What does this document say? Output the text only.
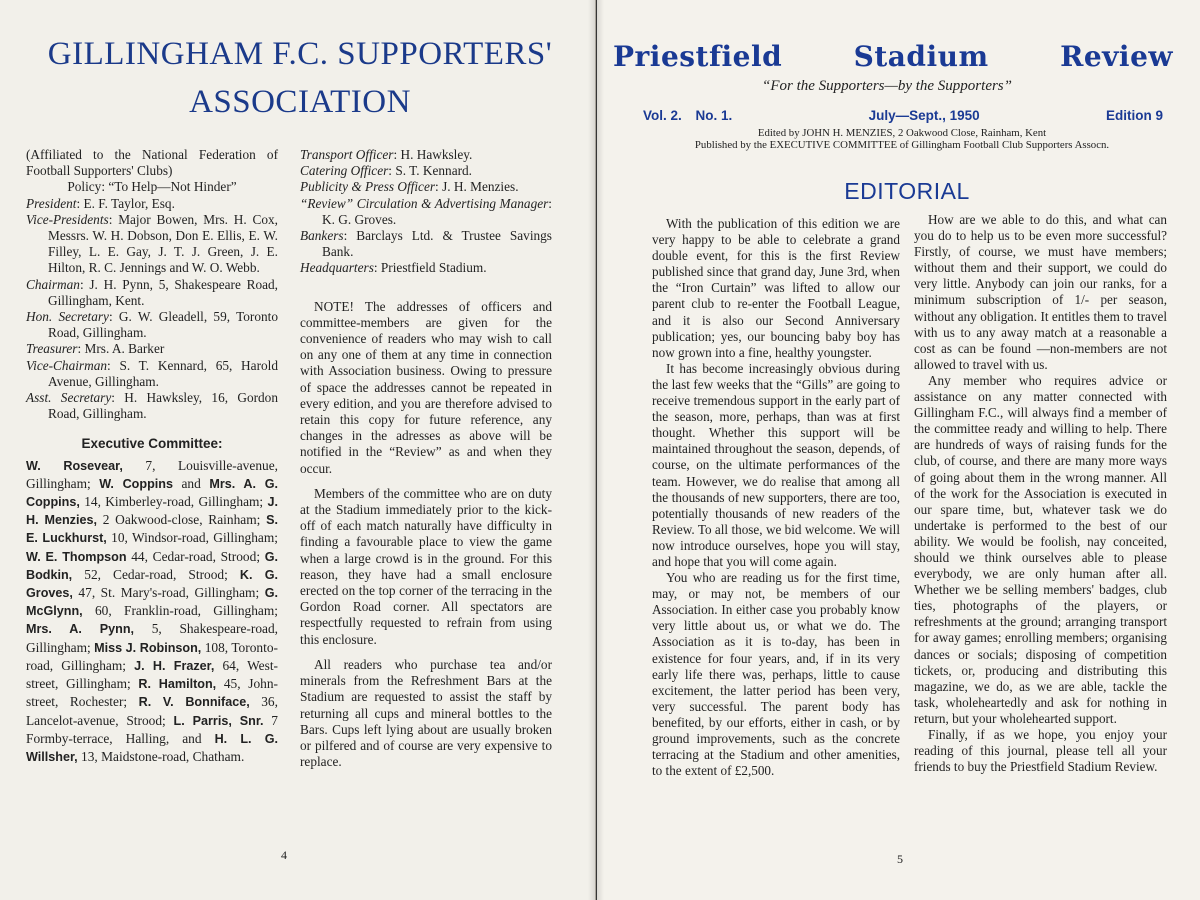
GILLINGHAM F.C. SUPPORTERS'
ASSOCIATION
(Affiliated to the National Federation of Football Supporters' Clubs)
Policy: “To Help—Not Hinder”
President: E. F. Taylor, Esq.
Vice-Presidents: Major Bowen, Mrs. H. Cox, Messrs. W. H. Dobson, Don E. Ellis, E. W. Filley, L. E. Gay, J. T. J. Green, J. E. Hilton, R. C. Jennings and W. O. Webb.
Chairman: J. H. Pynn, 5, Shakespeare Road, Gillingham, Kent.
Hon. Secretary: G. W. Gleadell, 59, Toronto Road, Gillingham.
Treasurer: Mrs. A. Barker
Vice-Chairman: S. T. Kennard, 65, Harold Avenue, Gillingham.
Asst. Secretary: H. Hawksley, 16, Gordon Road, Gillingham.
Executive Committee:
W. Rosevear, 7, Louisville-avenue, Gillingham; W. Coppins and Mrs. A. G. Coppins, 14, Kimberley-road, Gillingham; J. H. Menzies, 2 Oakwood-close, Rainham; S. E. Luckhurst, 10, Windsor-road, Gillingham; W. E. Thompson 44, Cedar-road, Strood; G. Bodkin, 52, Cedar-road, Strood; K. G. Groves, 47, St. Mary's-road, Gillingham; G. McGlynn, 60, Franklin-road, Gillingham; Mrs. A. Pynn, 5, Shakespeare-road, Gillingham; Miss J. Robinson, 108, Toronto-road, Gillingham; J. H. Frazer, 64, West-street, Gillingham; R. Hamilton, 45, John-street, Rochester; R. V. Bonniface, 36, Lancelot-avenue, Strood; L. Parris, Snr. 7 Formby-terrace, Halling, and H. L. G. Willsher, 13, Maidstone-road, Chatham.
Transport Officer: H. Hawksley.
Catering Officer: S. T. Kennard.
Publicity & Press Officer: J. H. Menzies.
“Review” Circulation & Advertising Manager: K. G. Groves.
Bankers: Barclays Ltd. & Trustee Savings Bank.
Headquarters: Priestfield Stadium.

NOTE! The addresses of officers and committee-members are given for the convenience of readers who may wish to call on any one of them at any time in connection with Association business. Owing to pressure of space the addresses cannot be repeated in every edition, and you are therefore advised to retain this copy for future reference, any changes in the adresses as above will be notified in the “Review” as and when they occur.

Members of the committee who are on duty at the Stadium immediately prior to the kick-off of each match naturally have difficulty in finding a favourable place to view the game when a large crowd is in the ground. For this reason, they have had a small enclosure erected on the top corner of the terracing in the Gordon Road corner. All spectators are respectfully requested to refrain from using this enclosure.

All readers who purchase tea and/or minerals from the Refreshment Bars at the Stadium are requested to assist the staff by returning all cups and mineral bottles to the Bars. Cups left lying about are usually broken or pilfered and of course are very expensive to replace.

4
Priestfield	Stadium	Review
“For the Supporters—by the Supporters”
Vol. 2. No. 1.	July—Sept., 1950	Edition 9
Edited by JOHN H. MENZIES, 2 Oakwood Close, Rainham, Kent
Published by the EXECUTIVE COMMITTEE of Gillingham Football Club Supporters Assocn.
EDITORIAL

With the publication of this edition we are very happy to be able to celebrate a grand double event, for this is the first Review published since that grand day, June 3rd, when the “Iron Curtain” was lifted to allow our parent club to re-enter the Football League, and it is also our Second Anniversary publication; yes, our bouncing baby boy has now grown into a fine, healthy youngster.

It has become increasingly obvious during the last few weeks that the “Gills” are going to receive tremendous support in the early part of the season, more, perhaps, than was at first thought. Whether this support will be maintained throughout the season, depends, of course, on the ultimate performances of the team. However, we do realise that among all the thousands of new supporters, there are too, potentially thousands of new readers of the Review. To all those, we bid welcome. We will now introduce ourselves, hope you will stay, and hope that you will come again.

You who are reading us for the first time, may, or may not, be members of our Association. In either case you probably know very little about us, or what we do. The Association as it is to-day, has been in existence for four years, and, if in its very early life there was, perhaps, little to cause excitement, the latter period has been very, very successful. The parent body has benefited, by our efforts, either in cash, or by ground improvements, such as the concrete terracing at the Stadium and other amenities, to the extent of £2,500.

How are we able to do this, and what can you do to help us to be even more successful? Firstly, of course, we must have members; without them and their support, we could do very little. Anybody can join our ranks, for a minimum subscription of 1/- per season, without any obligation. It entitles them to travel with us to any away match at a reasonable a cost as can be found —non-members are not allowed to travel with us.

Any member who requires advice or assistance on any matter connected with Gillingham F.C., will always find a member of the committee ready and willing to help. There are hundreds of ways of raising funds for the club, of course, and there are many more ways of going about them in the wrong manner. All of the work for the Association is executed in our spare time, but, whatever task we do undertake is performed to the best of our ability. We would be foolish, nay conceited, should we think ourselves able to please everybody, we are only human after all. Whether we be selling members' badges, club ties, photographs of the players, or refreshments at the ground; arranging transport for away games; enrolling members; organising dances or socials; disposing of competition tickets, or, producing and distributing this magazine, we do, as we are able, tackle the task, wholeheartedly and ask for nothing in return, but your wholehearted support.

Finally, if as we hope, you enjoy your reading of this journal, please tell all your friends to buy the Priestfield Stadium Review.

5
